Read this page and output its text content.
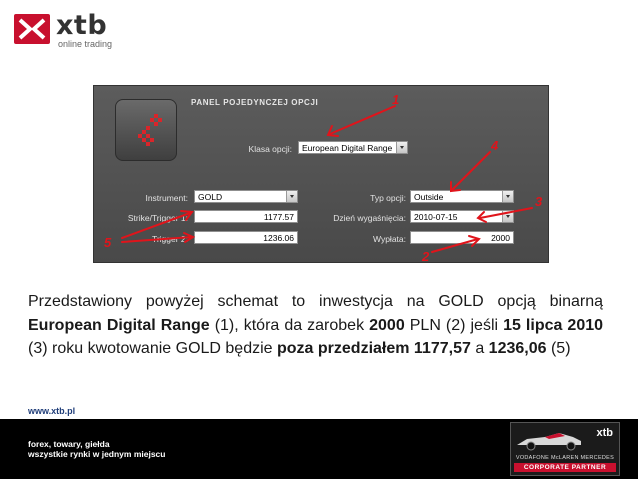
xtb
online trading
PANEL POJEDYNCZEJ OPCJI
Klasa opcji:	European Digital Range
Instrument:	GOLD	Typ opcji: Outside
Strike/Trigger 1:	1177.57	Dzień wygaśnięcia: 2010-07-15
Trigger 2:	1236.06	Wypłata:	2000
1
2
3
4
5
Przedstawiony powyżej schemat to inwestycja na GOLD opcją binarną European Digital Range (1), która da zarobek 2000 PLN (2) jeśli 15 lipca 2010 (3) roku kwotowanie GOLD będzie poza przedziałem 1177,57 a 1236,06 (5)
www.xtb.pl
forex, towary, giełda
wszystkie rynki w jednym miejscu
xtb
VODAFONE McLAREN MERCEDES
CORPORATE PARTNER
